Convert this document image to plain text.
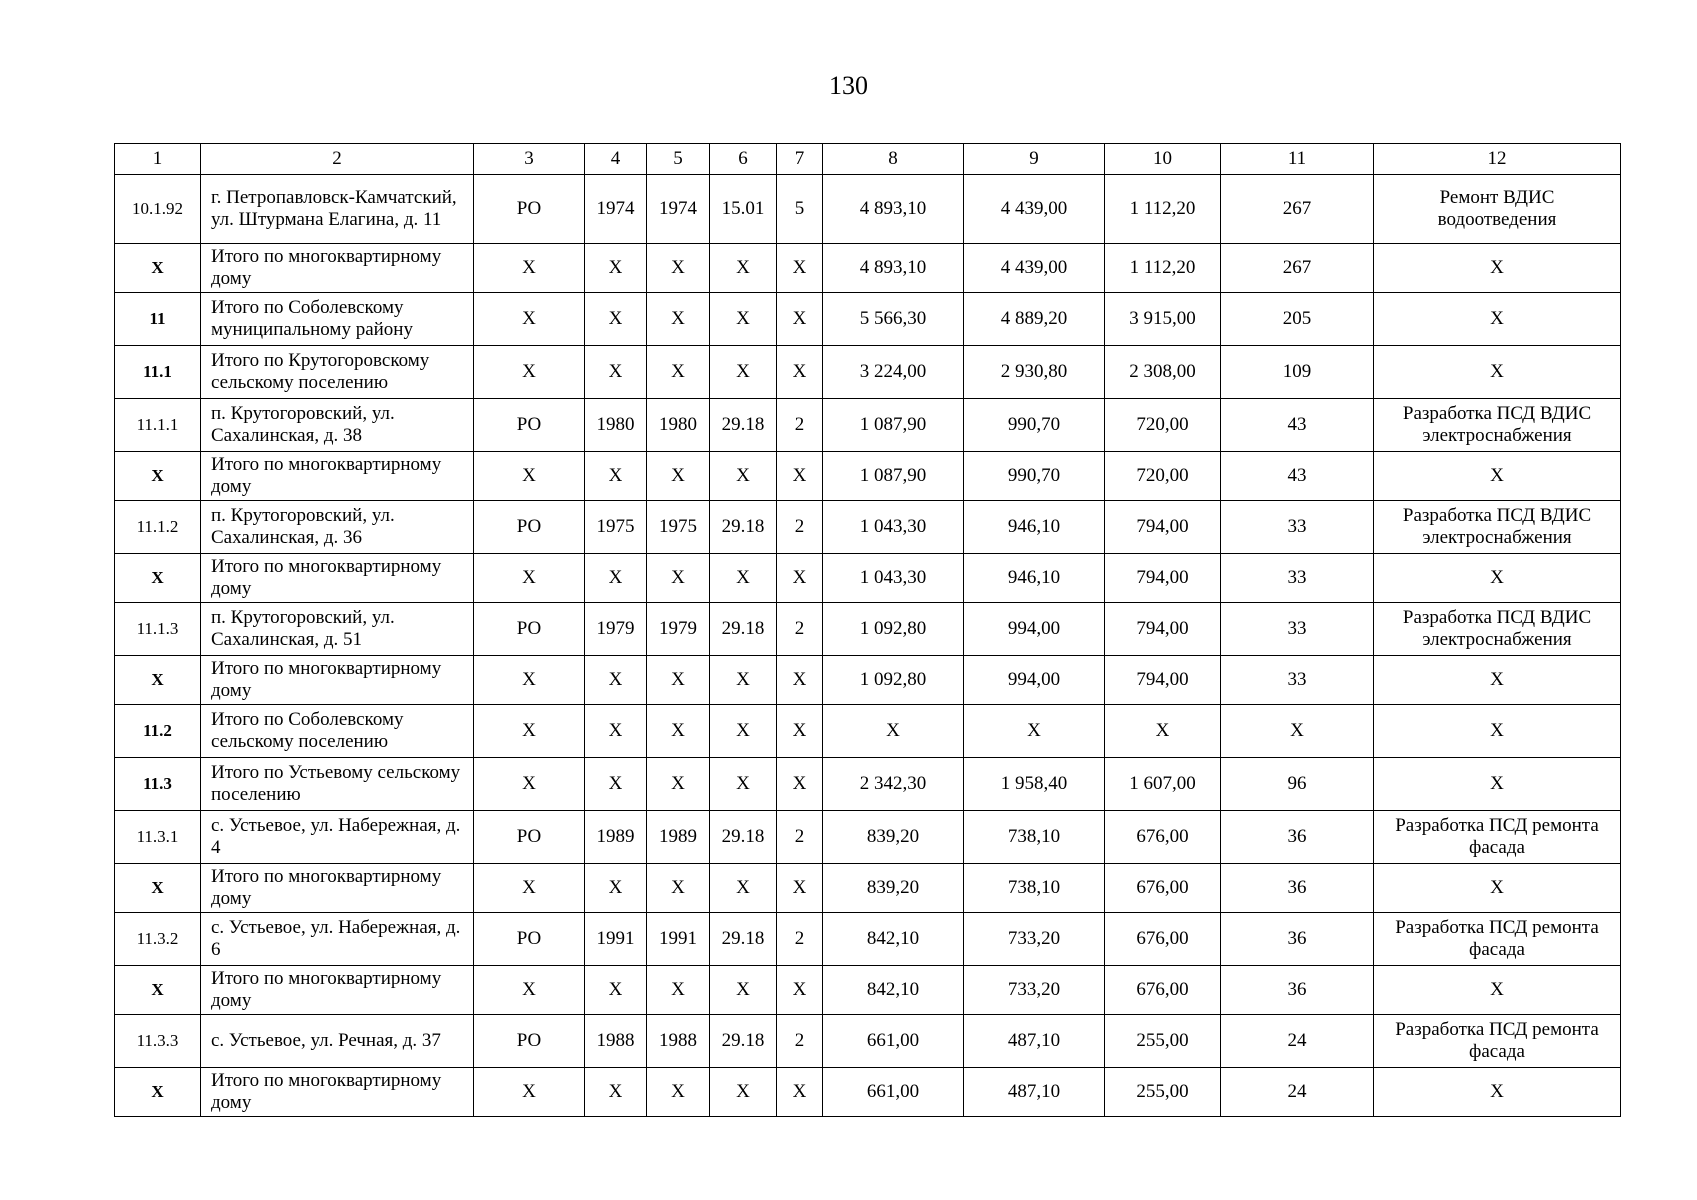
130
1	2	3	4	5	6	7	8	9	10	11	12
10.1.92	г. Петропавловск-Камчатский, ул. Штурмана Елагина, д. 11	РО	1974	1974	15.01	5	4 893,10	4 439,00	1 112,20	267	Ремонт ВДИС водоотведения
Х	Итого по многоквартирному дому	Х	Х	Х	Х	Х	4 893,10	4 439,00	1 112,20	267	Х
11	Итого по Соболевскому муниципальному району	Х	Х	Х	Х	Х	5 566,30	4 889,20	3 915,00	205	Х
11.1	Итого по Крутогоровскому сельскому поселению	Х	Х	Х	Х	Х	3 224,00	2 930,80	2 308,00	109	Х
11.1.1	п. Крутогоровский, ул. Сахалинская, д. 38	РО	1980	1980	29.18	2	1 087,90	990,70	720,00	43	Разработка ПСД ВДИС электроснабжения
Х	Итого по многоквартирному дому	Х	Х	Х	Х	Х	1 087,90	990,70	720,00	43	Х
11.1.2	п. Крутогоровский, ул. Сахалинская, д. 36	РО	1975	1975	29.18	2	1 043,30	946,10	794,00	33	Разработка ПСД ВДИС электроснабжения
Х	Итого по многоквартирному дому	Х	Х	Х	Х	Х	1 043,30	946,10	794,00	33	Х
11.1.3	п. Крутогоровский, ул. Сахалинская, д. 51	РО	1979	1979	29.18	2	1 092,80	994,00	794,00	33	Разработка ПСД ВДИС электроснабжения
Х	Итого по многоквартирному дому	Х	Х	Х	Х	Х	1 092,80	994,00	794,00	33	Х
11.2	Итого по Соболевскому сельскому поселению	Х	Х	Х	Х	Х	Х	Х	Х	Х	Х
11.3	Итого по Устьевому сельскому поселению	Х	Х	Х	Х	Х	2 342,30	1 958,40	1 607,00	96	Х
11.3.1	с. Устьевое, ул. Набережная, д. 4	РО	1989	1989	29.18	2	839,20	738,10	676,00	36	Разработка ПСД ремонта фасада
Х	Итого по многоквартирному дому	Х	Х	Х	Х	Х	839,20	738,10	676,00	36	Х
11.3.2	с. Устьевое, ул. Набережная, д. 6	РО	1991	1991	29.18	2	842,10	733,20	676,00	36	Разработка ПСД ремонта фасада
Х	Итого по многоквартирному дому	Х	Х	Х	Х	Х	842,10	733,20	676,00	36	Х
11.3.3	с. Устьевое, ул. Речная, д. 37	РО	1988	1988	29.18	2	661,00	487,10	255,00	24	Разработка ПСД ремонта фасада
Х	Итого по многоквартирному дому	Х	Х	Х	Х	Х	661,00	487,10	255,00	24	Х
